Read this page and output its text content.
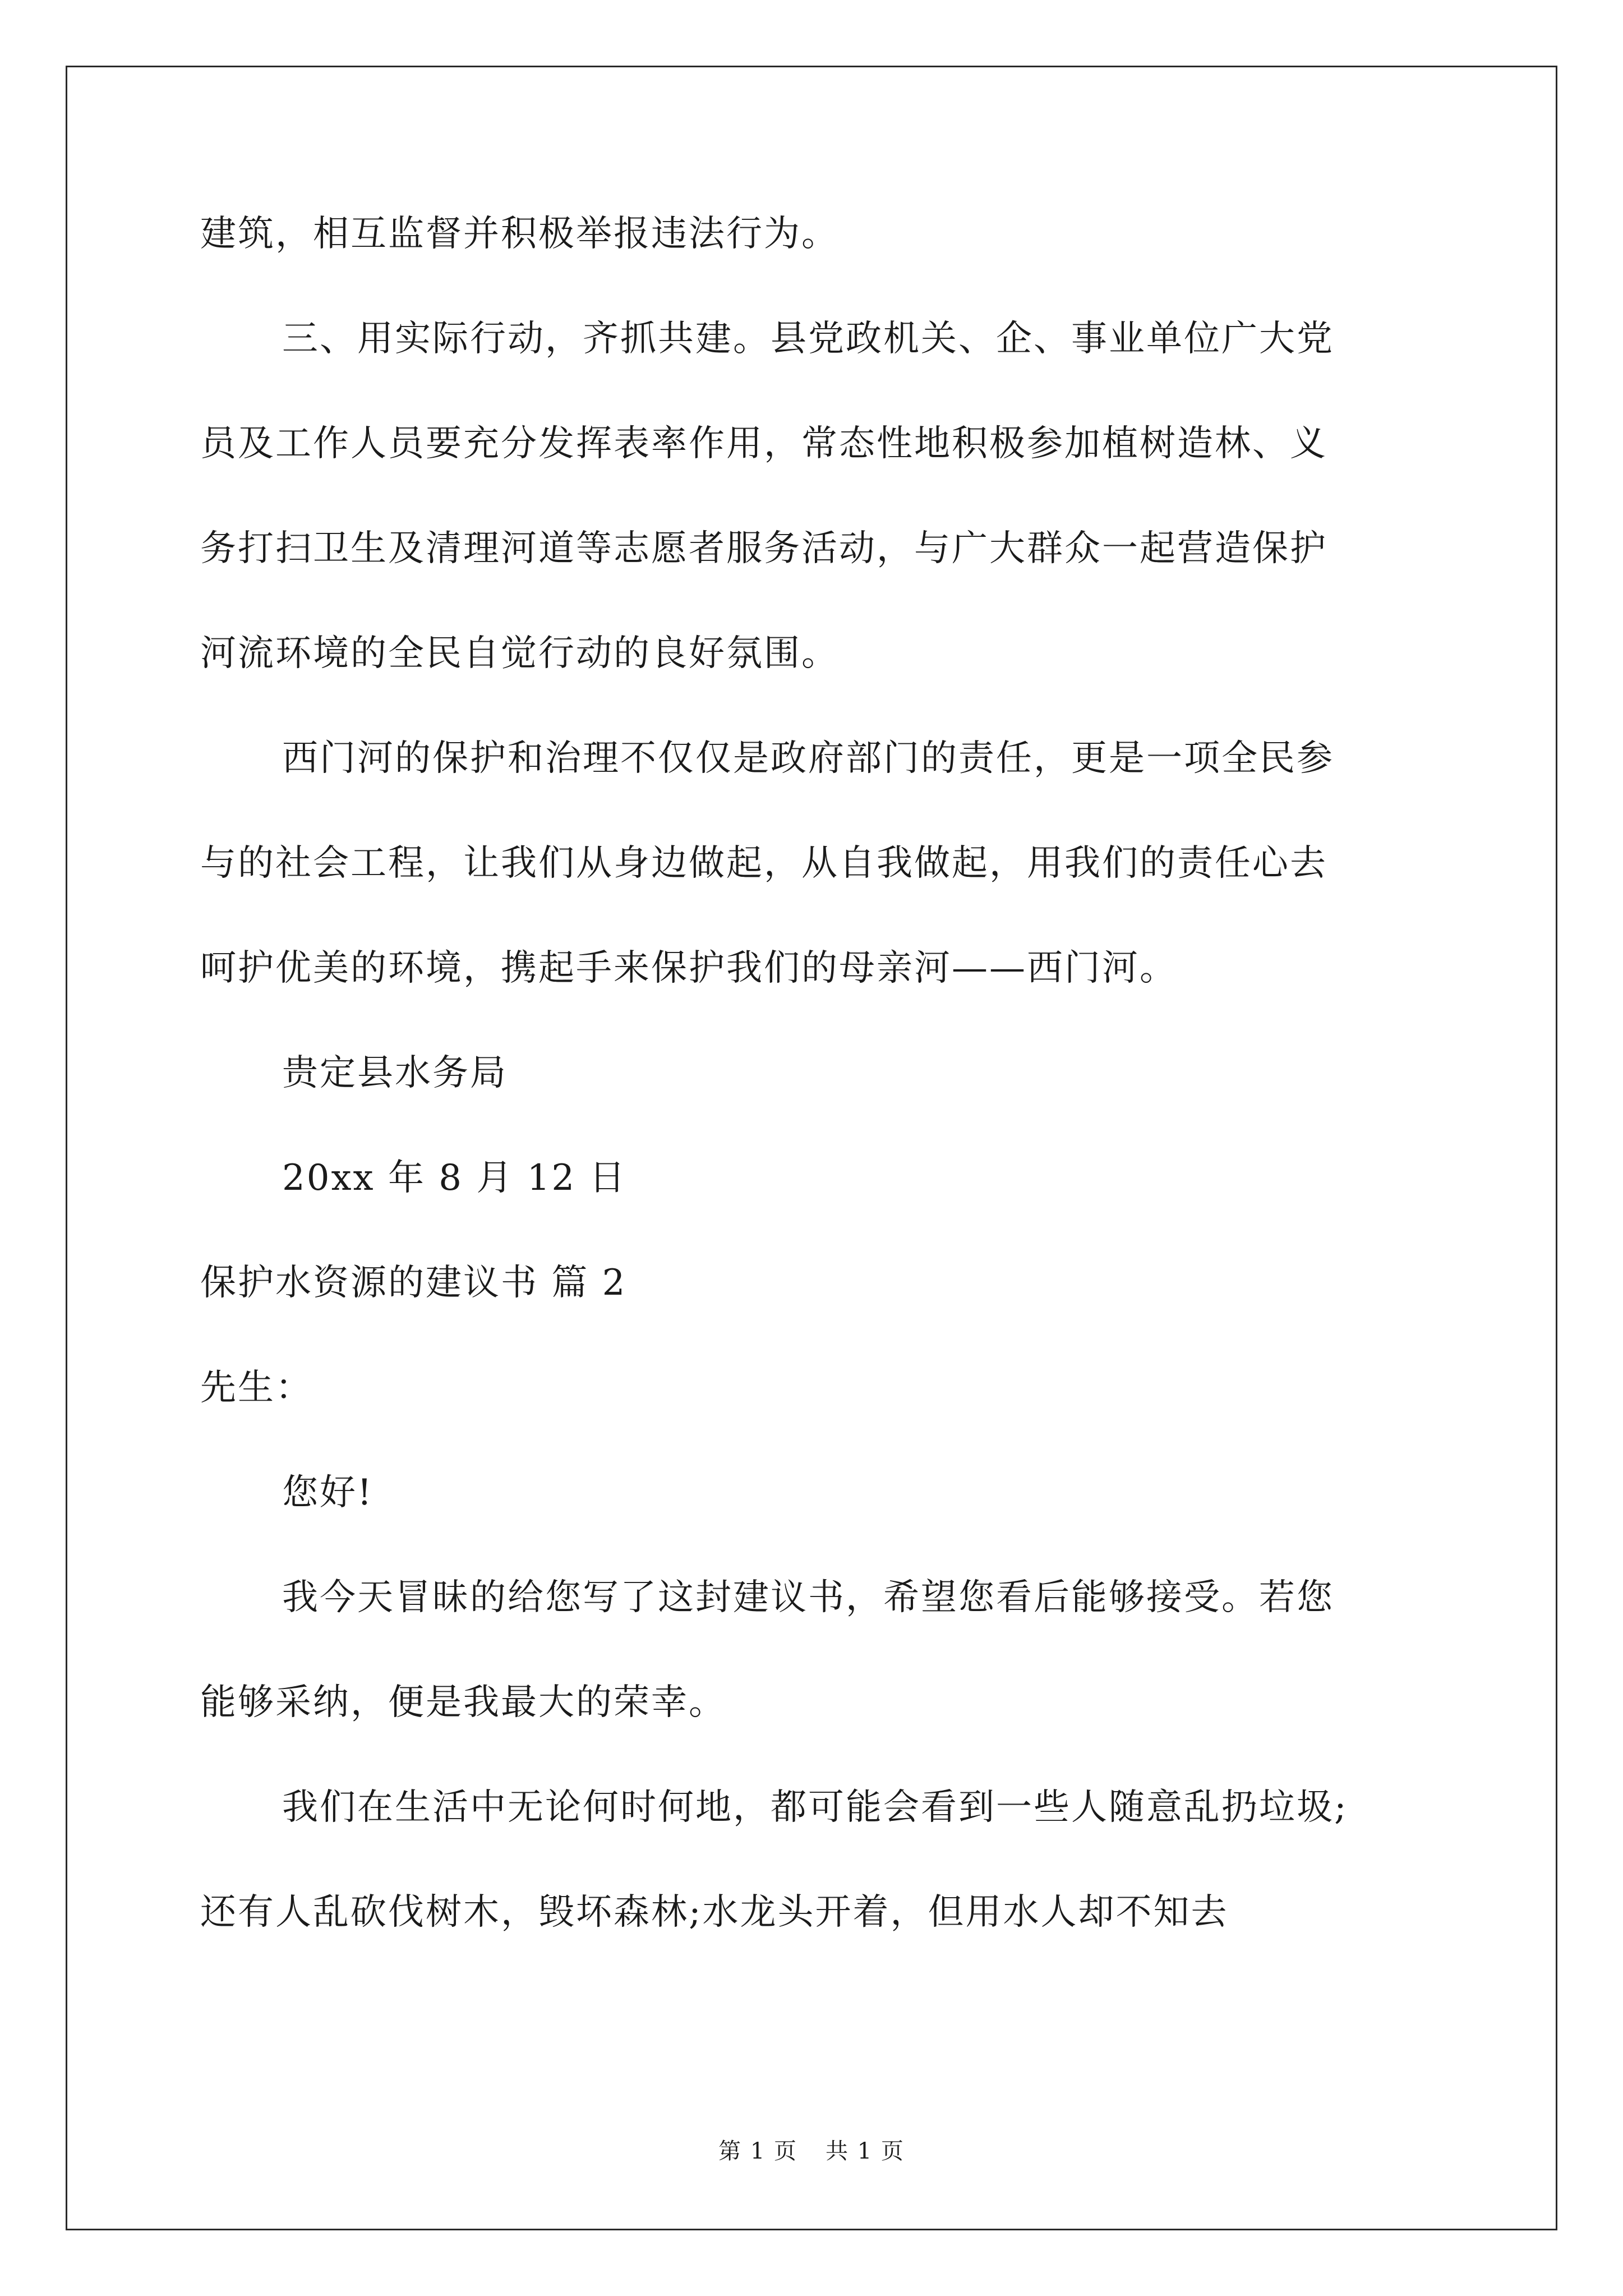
建筑，相互监督并积极举报违法行为。

三、用实际行动，齐抓共建。县党政机关、企、事业单位广大党

员及工作人员要充分发挥表率作用，常态性地积极参加植树造林、义

务打扫卫生及清理河道等志愿者服务活动，与广大群众一起营造保护

河流环境的全民自觉行动的良好氛围。

西门河的保护和治理不仅仅是政府部门的责任，更是一项全民参

与的社会工程，让我们从身边做起，从自我做起，用我们的责任心去

呵护优美的环境，携起手来保护我们的母亲河——西门河。

贵定县水务局

20xx 年 8 月 12 日

保护水资源的建议书 篇 2

先生：

您好!

我今天冒昧的给您写了这封建议书，希望您看后能够接受。若您

能够采纳，便是我最大的荣幸。

我们在生活中无论何时何地，都可能会看到一些人随意乱扔垃圾;

还有人乱砍伐树木，毁坏森林;水龙头开着，但用水人却不知去

第 1 页 共 1 页
